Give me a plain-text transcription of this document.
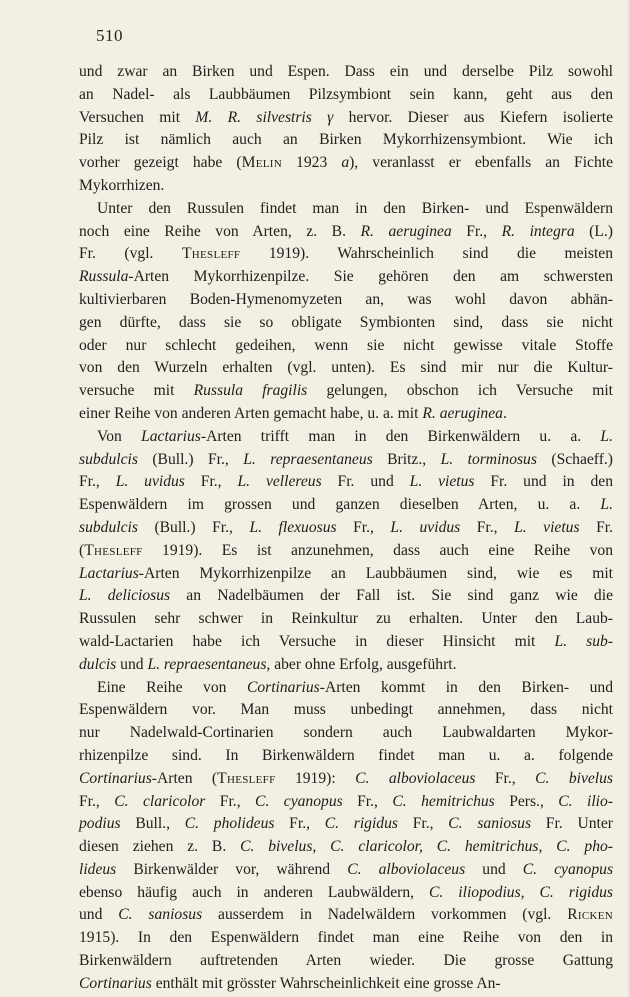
510
und zwar an Birken und Espen. Dass ein und derselbe Pilz sowohl
an Nadel- als Laubbäumen Pilzsymbiont sein kann, geht aus den
Versuchen mit M. R. silvestris γ hervor. Dieser aus Kiefern isolierte
Pilz ist nämlich auch an Birken Mykorrhizensymbiont. Wie ich
vorher gezeigt habe (Melin 1923 a), veranlasst er ebenfalls an Fichte
Mykorrhizen.
Unter den Russulen findet man in den Birken- und Espenwäldern
noch eine Reihe von Arten, z. B. R. aeruginea Fr., R. integra (L.)
Fr. (vgl. Thesleff 1919). Wahrscheinlich sind die meisten
Russula-Arten Mykorrhizenpilze. Sie gehören den am schwersten
kultivierbaren Boden-Hymenomyzeten an, was wohl davon abhän-
gen dürfte, dass sie so obligate Symbionten sind, dass sie nicht
oder nur schlecht gedeihen, wenn sie nicht gewisse vitale Stoffe
von den Wurzeln erhalten (vgl. unten). Es sind mir nur die Kultur-
versuche mit Russula fragilis gelungen, obschon ich Versuche mit
einer Reihe von anderen Arten gemacht habe, u. a. mit R. aeruginea.
Von Lactarius-Arten trifft man in den Birkenwäldern u. a. L.
subdulcis (Bull.) Fr., L. repraesentaneus Britz., L. torminosus (Schaeff.)
Fr., L. uvidus Fr., L. vellereus Fr. und L. vietus Fr. und in den
Espenwäldern im grossen und ganzen dieselben Arten, u. a. L.
subdulcis (Bull.) Fr., L. flexuosus Fr., L. uvidus Fr., L. vietus Fr.
(Thesleff 1919). Es ist anzunehmen, dass auch eine Reihe von
Lactarius-Arten Mykorrhizenpilze an Laubbäumen sind, wie es mit
L. deliciosus an Nadelbäumen der Fall ist. Sie sind ganz wie die
Russulen sehr schwer in Reinkultur zu erhalten. Unter den Laub-
wald-Lactarien habe ich Versuche in dieser Hinsicht mit L. sub-
dulcis und L. repraesentaneus, aber ohne Erfolg, ausgeführt.
Eine Reihe von Cortinarius-Arten kommt in den Birken- und
Espenwäldern vor. Man muss unbedingt annehmen, dass nicht
nur Nadelwald-Cortinarien sondern auch Laubwaldarten Mykor-
rhizenpilze sind. In Birkenwäldern findet man u. a. folgende
Cortinarius-Arten (Thesleff 1919): C. alboviolaceus Fr., C. bivelus
Fr., C. claricolor Fr., C. cyanopus Fr., C. hemitrichus Pers., C. ilio-
podius Bull., C. pholideus Fr., C. rigidus Fr., C. saniosus Fr. Unter
diesen ziehen z. B. C. bivelus, C. claricolor, C. hemitrichus, C. pho-
lideus Birkenwälder vor, während C. alboviolaceus und C. cyanopus
ebenso häufig auch in anderen Laubwäldern, C. iliopodius, C. rigidus
und C. saniosus ausserdem in Nadelwäldern vorkommen (vgl. Ricken
1915). In den Espenwäldern findet man eine Reihe von den in
Birkenwäldern auftretenden Arten wieder. Die grosse Gattung
Cortinarius enthält mit grösster Wahrscheinlichkeit eine grosse An-
